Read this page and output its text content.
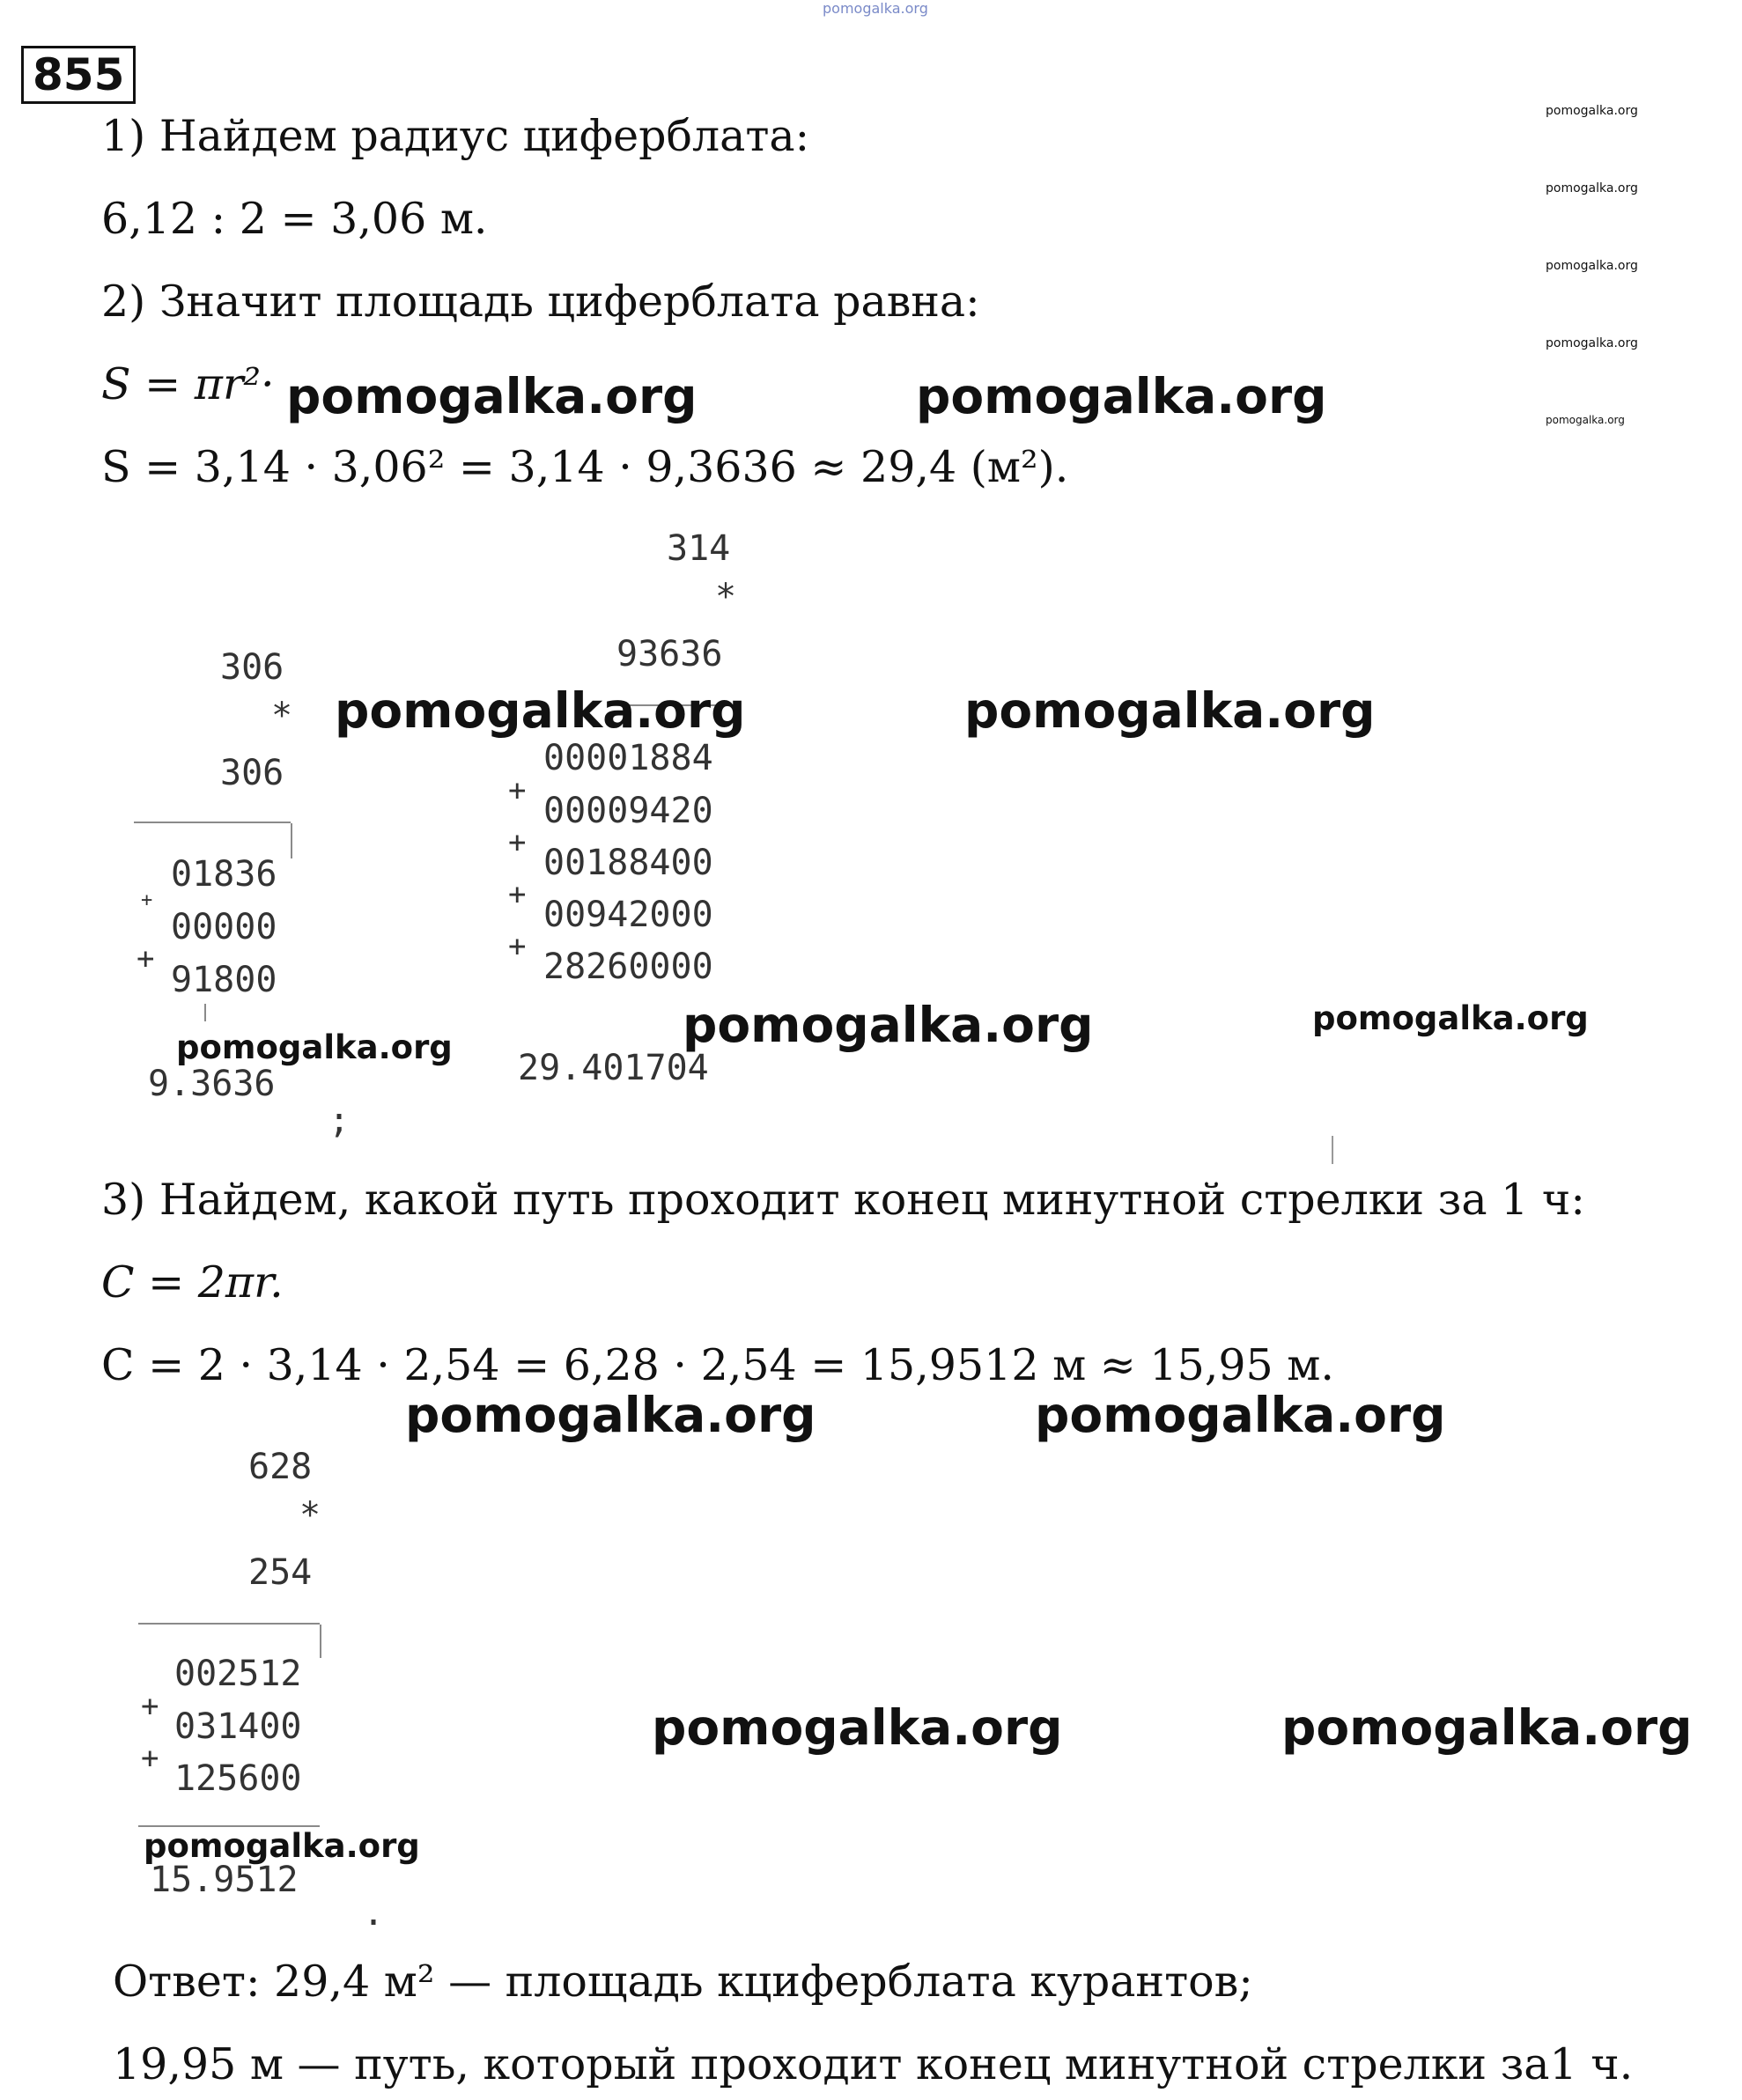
pomogalka.org
855
pomogalka.org
pomogalka.org
pomogalka.org
pomogalka.org
pomogalka.org
1) Найдем радиус циферблата:
6,12 : 2 = 3,06 м.
2) Значит площадь циферблата равна:
S = πr²·
S = 3,14 · 3,06² = 3,14 · 9,3636 ≈ 29,4 (м²).
pomogalka.org	pomogalka.org
314
*
93636
00001884
+ 00009420
+ 00188400
+ 00942000
+ 28260000
29.401704
306
*
306
01836
+
00000
+
91800
9.3636
;
pomogalka.org	pomogalka.org
pomogalka.org	pomogalka.org	pomogalka.org
3) Найдем, какой путь проходит конец минутной стрелки за 1 ч:
C = 2πr.
C = 2 · 3,14 · 2,54 = 6,28 · 2,54 = 15,9512 м ≈ 15,95 м.
pomogalka.org	pomogalka.org
628
*
254
002512
+ 031400
+ 125600
15.9512
.
pomogalka.org	pomogalka.org
pomogalka.org
Ответ: 29,4 м² — площадь кциферблата курантов;
19,95 м — путь, который проходит конец минутной стрелки за1 ч.
